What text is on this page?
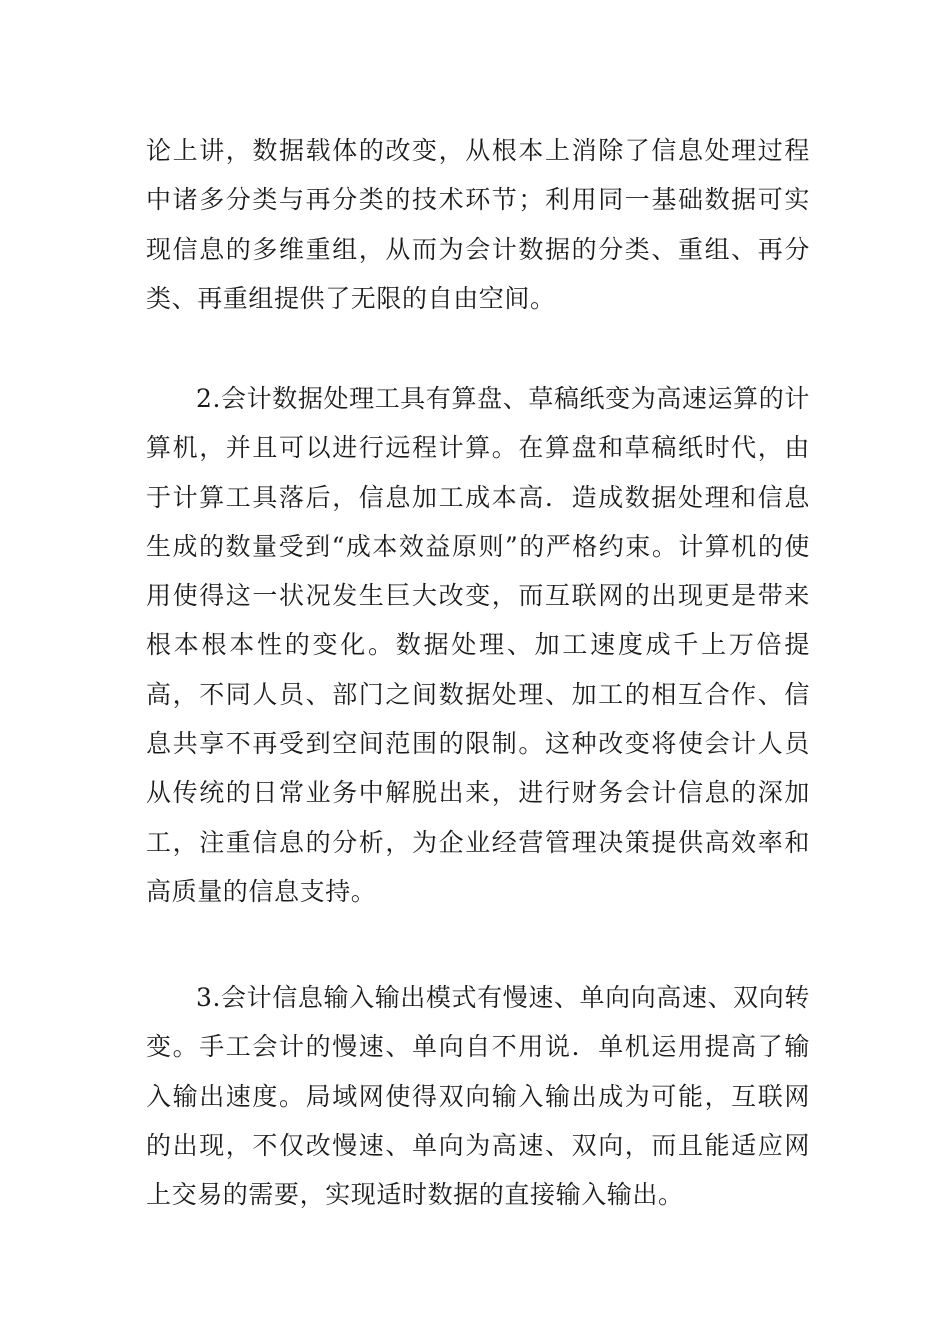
论上讲，数据载体的改变，从根本上消除了信息处理过程中诸多分类与再分类的技术环节；利用同一基础数据可实现信息的多维重组，从而为会计数据的分类、重组、再分类、再重组提供了无限的自由空间。

2.会计数据处理工具有算盘、草稿纸变为高速运算的计算机，并且可以进行远程计算。在算盘和草稿纸时代，由于计算工具落后，信息加工成本高．造成数据处理和信息生成的数量受到“成本效益原则”的严格约束。计算机的使用使得这一状况发生巨大改变，而互联网的出现更是带来根本根本性的变化。数据处理、加工速度成千上万倍提高，不同人员、部门之间数据处理、加工的相互合作、信息共享不再受到空间范围的限制。这种改变将使会计人员从传统的日常业务中解脱出来，进行财务会计信息的深加工，注重信息的分析，为企业经营管理决策提供高效率和高质量的信息支持。

3.会计信息输入输出模式有慢速、单向向高速、双向转变。手工会计的慢速、单向自不用说．单机运用提高了输入输出速度。局域网使得双向输入输出成为可能，互联网的出现，不仅改慢速、单向为高速、双向，而且能适应网上交易的需要，实现适时数据的直接输入输出。
